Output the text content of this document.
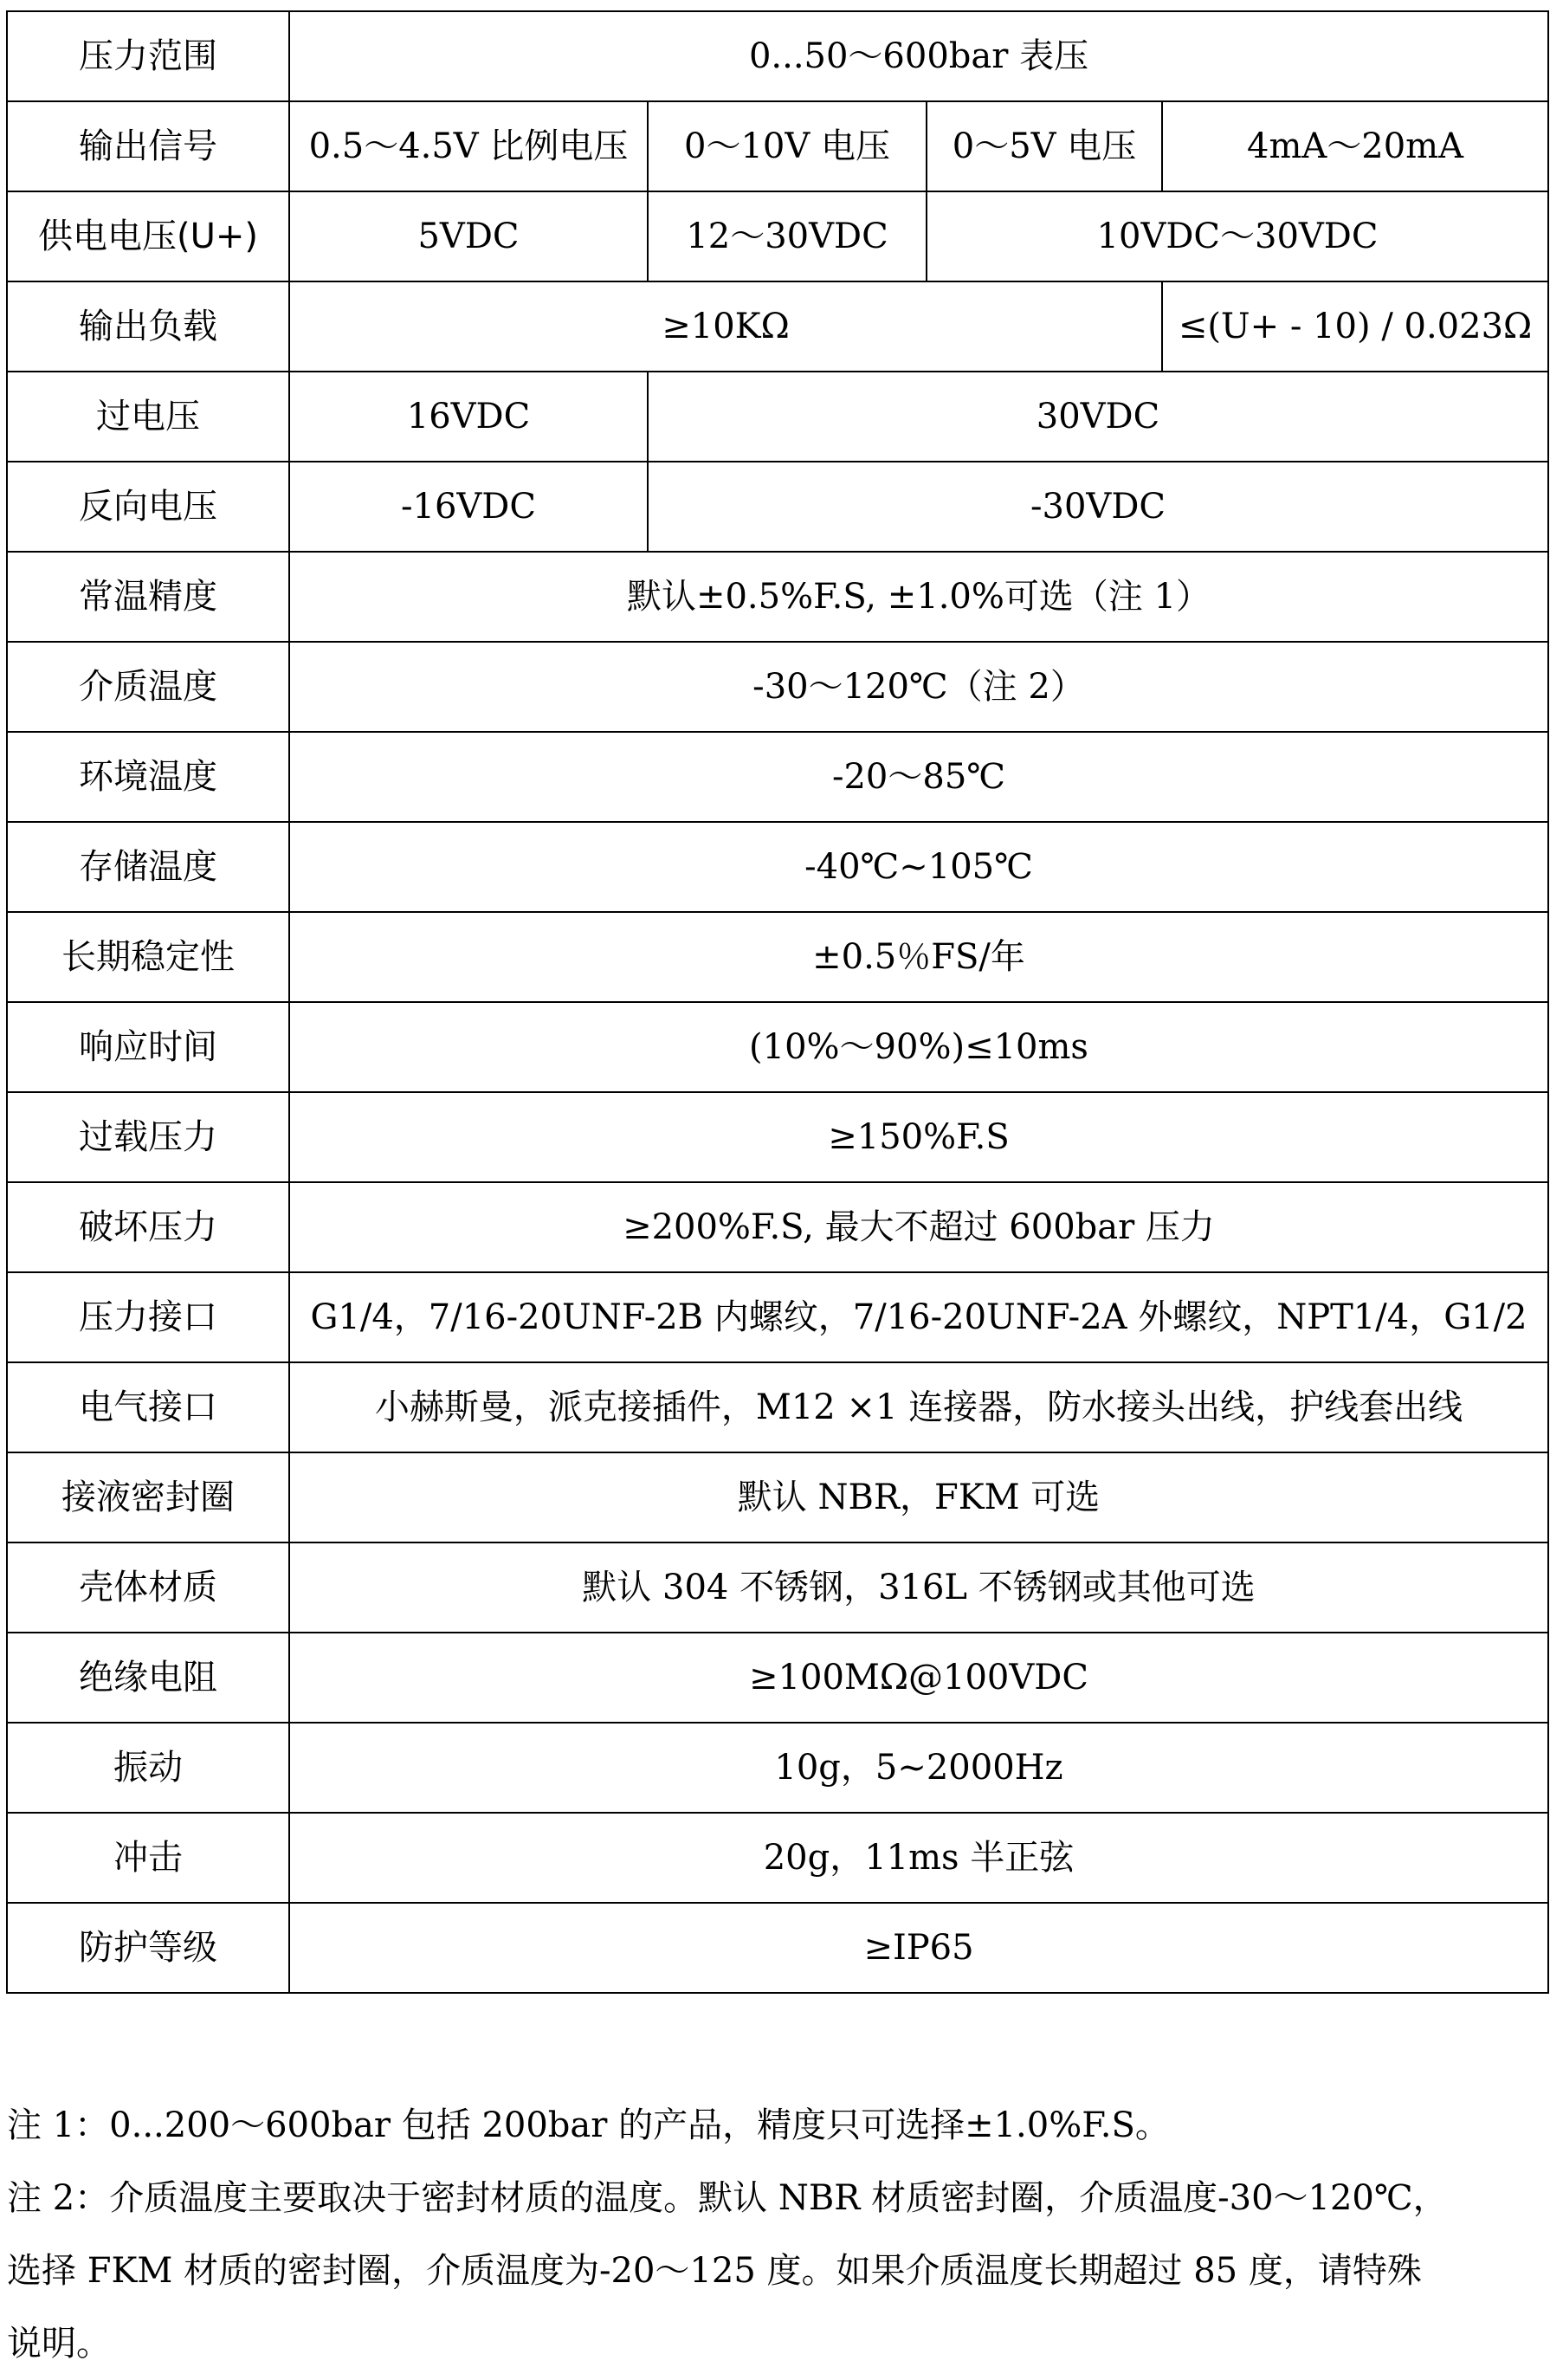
压力范围	0...50～600bar 表压			
输出信号	0.5～4.5V 比例电压	0～10V 电压	0～5V 电压	4mA～20mA
供电电压(U+)	5VDC	12～30VDC	10VDC～30VDC	
输出负载	≥10KΩ			≤(U+ - 10) / 0.023Ω
过电压	16VDC	30VDC		
反向电压	-16VDC	-30VDC		
常温精度	默认±0.5%F.S, ±1.0%可选（注 1）			
介质温度	-30～120℃（注 2）			
环境温度	-20～85℃			
存储温度	-40℃~105℃			
长期稳定性	±0.5％FS/年			
响应时间	(10%～90%)≤10ms			
过载压力	≥150%F.S			
破坏压力	≥200%F.S, 最大不超过 600bar 压力			
压力接口	G1/4，7/16-20UNF-2B 内螺纹，7/16-20UNF-2A 外螺纹，NPT1/4，G1/2			
电气接口	小赫斯曼，派克接插件，M12 ×1 连接器，防水接头出线，护线套出线			
接液密封圈	默认 NBR，FKM 可选			
壳体材质	默认 304 不锈钢，316L 不锈钢或其他可选			
绝缘电阻	≥100MΩ@100VDC			
振动	10g，5~2000Hz			
冲击	20g，11ms 半正弦			
防护等级	≥IP65			
注 1：0...200～600bar 包括 200bar 的产品，精度只可选择±1.0%F.S。
注 2：介质温度主要取决于密封材质的温度。默认 NBR 材质密封圈，介质温度-30～120℃，
选择 FKM 材质的密封圈，介质温度为-20～125 度。如果介质温度长期超过 85 度，请特殊
说明。
